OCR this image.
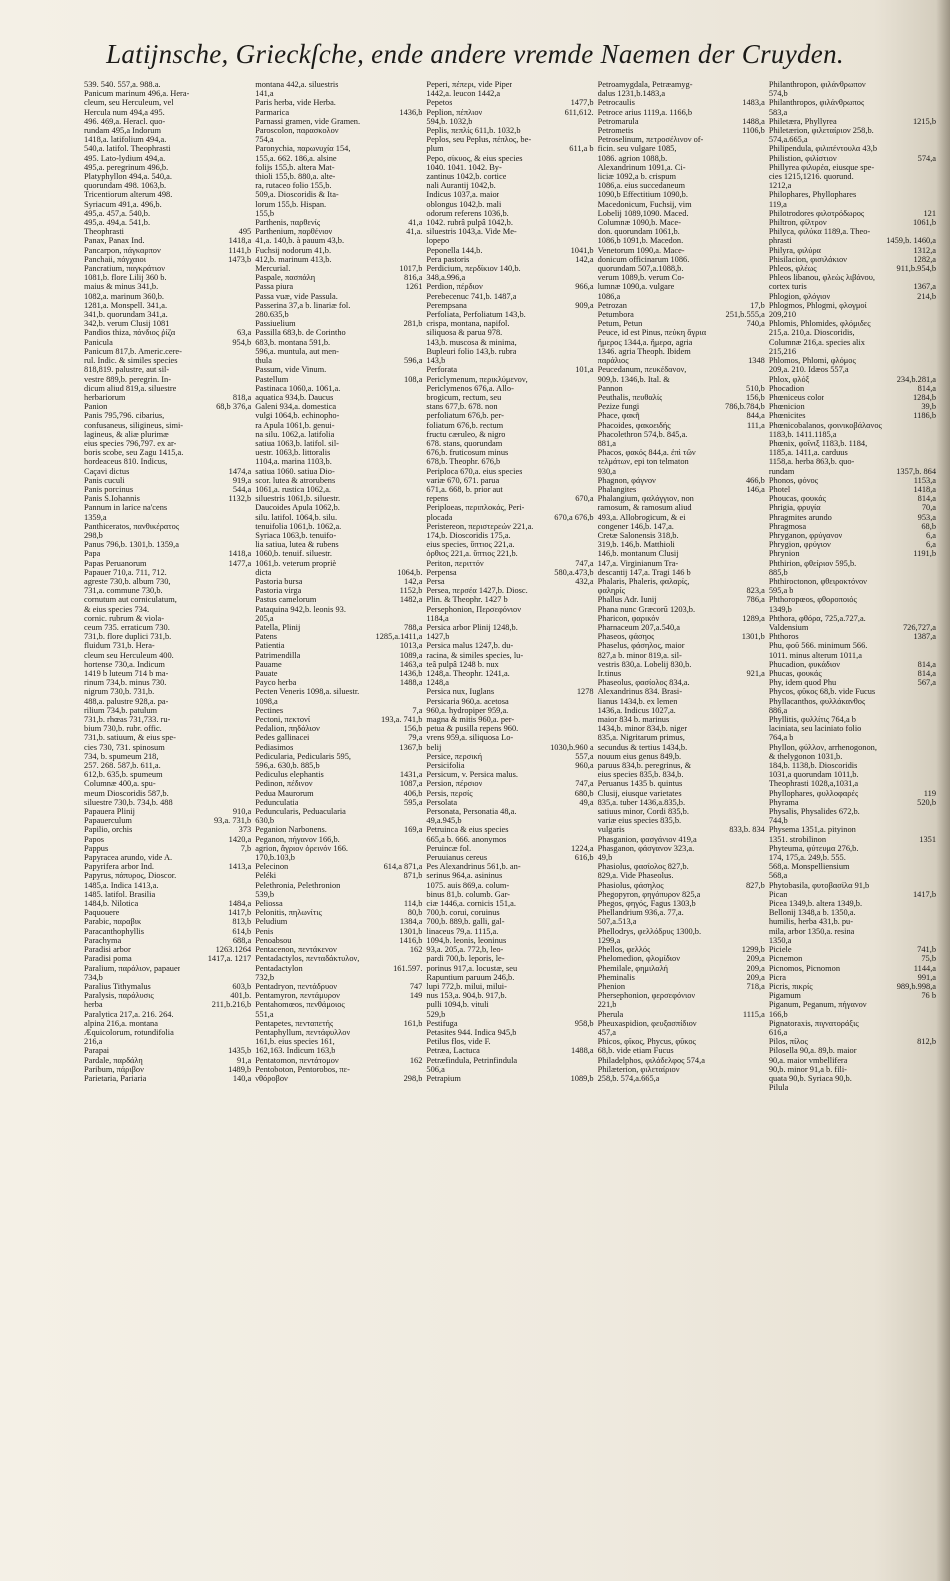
Latijnsche, Grieckſche, ende andere vremde Naemen der Cruyden.
539. 540. 557,a. 988.a.
Panicum marinum 496,a. Hera-
cleum, seu Herculeum, vel
Hercula num 494,a 495.
496. 469,a. Heracl. quo-
rundam 495,a Indorum
1418,a. latifolium 494,a.
540,a. latifol. Theophrasti
495. Lato-lydium 494,a.
495,a. peregrinum 496,b.
Platyphyllon 494,a. 540,a.
quorundam 498. 1063,b.
Tricentiorum alterum 498.
Syriacum 491,a. 496,b.
495,a. 457,a. 540,b.
495,a. 494,a. 541,b.
Theophrasti	495
Panax, Panax Ind.	1418,a
Pancarpon, πάγκαρπον	1141,b
Panchaii, πάγχαιοι	1473,b
Pancratium, παγκράτιον
1081,b. flore Lilij 360 b.
maius & minus 341,b.
1082,a. marinum 360,b.
1281,a. Monspell. 341,a.
341,b. quorundam 341,a.
342,b. verum Clusij 1081
Pandios thiza, πάνδιος ῥίζα	63,a
Panicula	954,b
Panicum 817,b. Americ.cere-
rul. Indic. & similes species
818,819. palustre, aut sil-
vestre 889,b. peregrin. In-
dicum aliud 819,a. siluestre
herbariorum	818,a
Panion	68,b 376,a
Panis 795,796. cibarius,
confusaneus, siligineus, simi-
lagineus, & aliæ plurimæ
eius species 796,797. ex ar-
boris scobe, seu Zagu 1415,a.
hordeaceus 810. Indicus,
Caçavi dictus	1474,a
Panis cuculi	919,a
Panis porcinus	544,a
Panis S.Iohannis	1132,b
Pannum in larice na'cens
1359,a
Panthiceratos, πανθικέρατος
298,b
Panus 796,b. 1301,b. 1359,a
Papa	1418,a
Papas Peruanorum	1477,a
Papauer 710,a. 711, 712.
agreste 730,b. album 730,
731,a. commune 730,b.
cornutum aut corniculatum,
& eius species 734.
cornic. rubrum & viola-
ceum 735. erraticum 730.
731,b. flore duplici 731,b.
fluidum 731,b. Hera-
cleum seu Herculeum 400.
hortense 730,a. Indicum
1419 b luteum 714 b ma-
rinum 734,b. minus 730.
nigrum 730,b. 731,b.
488,a. palustre 928,a. pa-
rilium 734,b. patulum
731,b. rhœas 731,733. ru-
bium 730,b. rubr. offic.
731,b. satiuum, & eius spe-
cies 730, 731. spinosum
734, b. spumeum 218,
257. 268. 587,b. 611,a.
612,b. 635,b. spumeum
Columnæ 400,a. spu-
meum Dioscoridis 587,b.
siluestre 730,b. 734,b. 488
Papauera Plinij	910,a
Papauerculum	93,a. 731,b
Papilio, orchis	373
Papos	1420,a
Pappus	7,b
Papyracea arundo, vide A.
Papyrifera arbor Ind.	1413,a
Papyrus, πάπυρος, Dioscor.
1485,a. Indica 1413,a.
1485. latifol. Brasilia
1484,b. Nilotica	1484,a
Paquouere	1417,b
Parabic, παραβικ	813,b
Paracanthophyllis	614,b
Parachyma	688,a
Paradisi arbor	1263.1264
Paradisi poma	1417,a. 1217
Paralium, παράλιον, papauer
734,b
Paralius Tithymalus	603,b
Paralysis, παράλυσις	401,b.
herba	211,b.216,b
Paralytica 217,a. 216. 264.
alpina 216,a. montana
Æquicolorum, rotundifolia
216,a
Parapai	1435,b
Pardale, παρδάλη	91,a
Paribum, πάριβον	1489,b
Parietaria, Pariaria	140,a
montana 442,a. siluestris
141,a
Paris herba, vide Herba.
Parmarica	1436,b
Parnassi gramen, vide Gramen.
Paroscolon, παρασκολον
754,a
Paronychia, παρωνυχία 154,
155,a. 662. 186,a. alsine
folijs 155,b. altera Mat-
thioli 155,b. 880,a. alte-
ra, rutaceo folio 155,b.
509,a. Dioscoridis & Ita-
lorum 155,b. Hispan.
155,b
Parthenis, παρθενίς	41,a
Parthenium, παρθένιον	41,a.
41,a. 140,b. à pauum 43,b.
Fuchsij nodorum 41,b.
412,b. marinum 413,b.
Mercurial.	1017,b
Paspale, πασπάλη	816,a
Passa piura	1261
Passa vuæ, vide Passula.
Passerina 37,a b. linariæ fol.
280.635,b
Passiuelium	281,b
Passilla 683,b. de Corintho
683,b. montana 591,b.
596,a. muntula, aut men-
thula	596,a
Passum, vide Vinum.
Pastellum	108,a
Pastinaca 1060,a. 1061,a.
aquatica 934,b. Daucus
Galeni 934,a. domestica
vulgi 1064,b. echinopho-
ra Apula 1061,b. genui-
na silu. 1062,a. latifolia
satiua 1063,b. latifol. sil-
uestr. 1063,b. littoralis
1104,a. marina 1103,b.
satiua 1060. satiua Dio-
scor. lutea & atrorubens
1061,a. rustica 1062,a.
siluestris 1061,b. siluestr.
Daucoides Apula 1062,b.
silu. latifol. 1064,b. silu.
tenuifolia 1061,b. 1062,a.
Syriaca 1063,b. tenuifo-
lia satiua, lutea & rubens
1060,b. tenuif. siluestr.
1061,b. veterum propriè
dicta	1064,b.
Pastoria bursa	142,a
Pastoria virga	1152,b
Pastus camelorum	1482,a
Pataquina 942,b. leonis 93.
205,a
Patella, Plinij	788,a
Patens	1285,a.1411,a
Patientia	1013,a
Patrimendilla	1089,a
Pauame	1463,a
Pauate	1436,b
Payco herba	1488,a
Pecten Veneris 1098,a. siluestr.
1098,a
Pectines	7,a
Pectoni, πεκτονί	193,a. 741,b
Pedalion, πηδάλιον	156,b
Pedes gallinacei	79,a
Pediasimos	1367,b
Pedicularia, Pedicularis 595,
596,a. 630,b. 885,b
Pediculus elephantis	1431,a
Pedinon, πέδινον	1087,a
Pedua Maurorum	406,b
Pedunculatia	595,a
Peduncularis, Peduacularia
630,b
Peganion Narbonens.	169,a
Peganon, πήγανον 166,b.
agrion, ἄγριον ὀρεινόν 166.
170,b.103,b
Pelecinon	614,a 871,a
Peléki	871,b
Pelethronia, Pelethronion
539,b
Peliossa	114,b
Pelonitis, πηλωνίτις	80,b
Peludium	1384,a
Penis	1301,b
Penoabsou	1416,b
Pentacenon, πεντάκενον	162
Pentadactylos, πενταδάκτυλον,
Pentadactylon	161.597.
732,b
Pentadryon, πεντάδρυον	747
Pentamyron, πεντάμυρον	149
Pentahomœos, πενθάμοιος
551,a
Pentapetes, πενταπετής	161,b
Pentaphyllum, πεντάφυλλον
161,b. eius species 161,
162,163. Indicum 163,b
Pentatomon, πεντάτομον	162
Pentoboton, Pentorobos, πε-
νθόροβον	298,b
Peperi, πέπερι, vide Piper
1442,a. leucon 1442,a
Pepetos	1477,b
Peplion, πέπλιον	611,612.
594,b. 1032,b
Peplis, πεπλίς 611,b. 1032,b
Peplos, seu Peplus, πέπλος, be-
plum	611,a b
Pepo, σίκυος, & eius species
1040. 1041. 1042. By-
zantinus 1042,b. cortice
nali Aurantij 1042,b.
Indicus 1037,a. maior
oblongus 1042,b. mali
odorum referens 1036,b.
1042. rubrâ pulpâ 1042,b.
siluestris 1043,a. Vide Me-
lopepo
Peponella 144,b.	1041,b
Pera pastoris	142,a
Perdicium, περδίκιον 140,b.
348,a.996,a
Perdion, πέρδιον	966,a
Perebecenuc 741,b. 1487,a
Perempsana	909,a
Perfoliata, Perfoliatum 143,b.
crispa, montana, napifol.
siliquosa & parua 978.
143,b. muscosa & minima,
Bupleuri folio 143,b. rubra
143,b
Perforata	101,a
Periclymenum, περικλύμενον,
Periclymenos 676,a. Allo-
brogicum, rectum, seu
stans 677,b. 678. non
perfoliatum 676,b. per-
foliatum 676,b. rectum
fructu cæruleo, & nigro
678. stans, quorundam
676,b. fruticosum minus
678,b. Theophr. 676,b
Periploca 670,a. eius species
variæ 670, 671. parua
671,a. 668, b. prior aut
repens	670,a
Periploeas, περιπλοκάς, Peri-
plocada	670,a 676,b
Peristereon, περιστερεών 221,a.
174,b. Dioscoridis 175,a.
eius species, ὕπτιος 221,a.
ὀρθιος 221,a. ὕπτιος 221,b.
Periton, περιττόν	747,a
Perpensa	580,a.473,b
Persa	432,a
Persea, περσέα 1427,b. Diosc.
Plin. & Theophr. 1427 b
Persephonion, Περσεφόνιον
1184,a
Persica arbor Plinij 1248,b.
1427,b
Persica malus 1247,b. du-
racina, & similes species, lu-
teâ pulpâ 1248 b. nux
1248,a. Theophr. 1241,a.
1248,a
Persica nux, Iuglans	1278
Persicaria 960,a. acetosa
960,a. hydropiper 959,a.
magna & mitis 960,a. per-
petua & pusilla repens 960.
vrens 959,a. siliquosa Lo-
belij	1030,b.960 a
Persice, περσική	557,a
Persicifolia	960,a
Persicum, v. Persica malus.
Persion, πέρσιον	747,a
Persis, περσίς	680,b
Persolata	49,a
Personata, Personatia 48,a.
49,a.945,b
Petruinca & eius species
665,a b. 666. anonymos
Peruincæ fol.	1224,a
Peruuianus cereus	616,b
Pes Alexandrinus 561,b. an-
serinus 964,a. asininus
1075. auis 869,a. colum-
binus 81,b. columb. Gar-
ciæ 1446,a. cornicis 151,a.
700,b. corui, coruinus
700,b. 889,b. galli, gal-
linaceus 79,a. 1115,a.
1094,b. leonis, leoninus
93,a. 205,a. 772,b, leo-
pardi 700,b. leporis, le-
porinus 917,a. locustæ, seu
Rapuntium paruum 246,b.
lupi 772,b. milui, milui-
nus 153,a. 904,b. 917,b.
pulli 1094,b. vituli
529,b
Pestifuga	958,b
Petasites 944. Indica 945,b
Petilus flos, vide F.
Petræa, Lactuca	1488,a
Petræfindula, Petrinfindula
506,a
Petrapium	1089,b
Petroamygdala, Petræamyg-
dalus 1231,b.1483,a
Petrocaulis	1483,a
Petroce arius 1119,a. 1166,b
Petromarula	1488,a
Petrometis	1106,b
Petroselinum, πετροσέλινον of-
ficin. seu vulgare 1085,
1086. agrion 1088,b.
Alexandrinum 1091,a. Ci-
liciæ 1092,a b. crispum
1086,a. eius succedaneum
1090,b Effectitium 1090,b.
Macedonicum, Fuchsij, vim
Lobelij 1089,1090. Maced.
Columnæ 1090,b. Mace-
don. quorundam 1061,b.
1086,b 1091,b. Macedon.
Venetorum 1090,a. Mace-
donicum officinarum 1086.
quorundam 507,a.1088,b.
verum 1089,b. verum Co-
lumnæ 1090,a. vulgare
1086,a
Petrozan	17,b
Petumbora	251,b.555,a
Petum, Petun	740,a
Peuce, id est Pinus, πεύκη ἄγρια
ἥμερος 1344,a. ἥμερα, agria
1346. agria Theoph. Ibidem
παράλιος	1348
Peucedanum, πευκέδανον,
909,b. 1346,b. Ital. &
Pannon	510,b
Peuthalis, πευθαλίς	156,b
Pezize fungi	786,b.784,b
Phace, φακῆ	844,a
Phacoides, φακοειδής	111,a
Phacolethron 574,b. 845,a.
881,a
Phacos, φακός 844,a. ἐπὶ τῶν
τελμάτων, epi ton telmaton
930,a
Phagnon, φάγνον	466,b
Phalangites	146,a
Phalangium, φαλάγγιον, non
ramosum, & ramosum aliud
493,a. Allobrogicum, & ei
congener 146,b. 147,a.
Cretæ Salonensis 318,b.
319,b. 146,b. Matthioli
146,b. montanum Clusij
147,a. Virginianum Tra-
descantij 147,a. Tragi 146 b
Phalaris, Phaleris, φαλαρίς,
φαληρίς	823,a
Phallus Adr. Iunij	786,a
Phana nunc Græcorū 1203,b.
Pharicon, φαρικόν	1289,a
Pharnaceum 207,a.540,a
Phaseos, φάσηος	1301,b
Phaselus, φάσηλος, maior
827,a b. minor 819,a. sil-
vestris 830,a. Lobelij 830,b.
Ir.tinus	921,a
Phaseolus, φασίολος 834,a.
Alexandrinus 834. Brasi-
lianus 1434,b. ex lemen
1436,a. Indicus 1027,a.
maior 834 b. marinus
1434,b. minor 834,b. niger
835,a. Nigritarum primus,
secundus & tertius 1434,b.
nouum eius genus 849,b.
paruus 834,b. peregrinus, &
eius species 835,b. 834,b.
Peruanus 1435 b. quintus
Clusij, eiusque varietates
835,a. tuber 1436,a.835,b.
satiuus minor, Cordi 835,b.
variæ eius species 835,b.
vulgaris	833,b. 834
Phasganion, φασγάνιον 419,a
Phasganon, φάσγανον 323,a.
49,b
Phasiolus, φασίολος 827,b.
829,a. Vide Phaseolus.
Phasiolus, φάσηλος	827,b
Phegopyron, φηγόπυρον 825,a
Phegos, φηγός, Fagus 1303,b
Phellandrium 936,a. 77,a.
507,a.513,a
Phellodrys, φελλόδρυς 1300,b.
1299,a
Phellos, φελλός	1299,b
Phelomedion, φλομίδιον	209,a
Phemilale, φημιλαλή	209,a
Pheminalis	209,a
Phenion	718,a
Phersephonion, φερσεφόνιον
221,b
Pherula	1115,a
Pheuxaspidion, φευξασπίδιον
457,a
Phicos, φῖκος, Phycus, φῦκος
68,b. vide etiam Fucus
Philadelphos, φιλάδελφος 574,a
Philæterion, φιλεταίριον
258,b. 574,a.665,a
Philanthropon, φιλάνθρωπον
574,b
Philanthropos, φιλάνθρωπος
583,a
Philetæra, Phyllyrea	1215,b
Philetærion, φιλεταίριον 258,b.
574,a.665,a
Philipendula, φιλιπέντουλα 43,b
Philistion, φιλίστιον	574,a
Phillyrea φιλυρέα, eiusque spe-
cies 1215,1216. quorund.
1212,a
Philophares, Phyllophares
119,a
Philotrodores φιλοτρόδωρος	121
Philtron, φίλτρον	1061,b
Philyca, φιλύκα 1189,a. Theo-
phrasti	1459,b. 1460,a
Philyra, φιλύρα	1312,a
Phisilacion, φισιλάκιον	1282,a
Phleos, φλέως	911,b.954,b
Phleos libanou, φλεὼς λιβάνου,
cortex turis	1367,a
Phlogion, φλόγιον	214,b
Phlogmos, Phlogmi, φλογμοί
209,210
Phlomis, Phlomides, φλόμιδες
215,a. 210,a. Dioscoridis,
Columnæ 216,a. species alix
215,216
Phlomos, Phlomi, φλόμος
209,a. 210. Idæos 557,a
Phlox, φλόξ	234,b.281,a
Phocadion	814,a
Phœniceus color	1284,b
Phœnicion	39,b
Phœnicites	1186,b
Phœnicobalanos, φοινικοβάλανος
1183,b. 1411.1185,a
Phœnix, φοῖνιξ 1183,b. 1184,
1185,a. 1411,a. carduus
1158,a. herba 863,b. quo-
rundam	1357,b. 864
Phonos, φόνος	1153,a
Photel	1418,a
Phoucas, φουκάς	814,a
Phrigia, φρυγία	70,a
Phragmites arundo	953,a
Phragmosa	68,b
Phryganon, φρύγανον	6,a
Phrygion, φρύγιον	6,a
Phrynion	1191,b
Phthirion, φθείριον 595,b.
885,b
Phthiroctonon, φθειροκτόνον
595,a b
Phthoropœos, φθοροποιός
1349,b
Phthora, φθόρα, 725,a.727,a.
Valdensium	726,727,a
Phthoros	1387,a
Phu, φοῦ 566. minimum 566.
1011. minus alterum 1011,a
Phucadion, φυκάδιον	814,a
Phucas, φουκάς	814,a
Phy, idem quod Phu	567,a
Phycos, φῦκος 68,b. vide Fucus
Phyllacanthos, φυλλάκανθος
886,a
Phyllitis, φυλλίτις 764,a b
laciniata, seu laciniato folio
764,a b
Phyllon, φύλλον, arrhenogonon,
& thelygonon 1031,b.
184,b. 1138,b. Dioscoridis
1031,a quorundam 1011,b.
Theophrasti 1028,a,1031,a
Phyllophares, φυλλοφαρές	119
Phyrama	520,b
Physalis, Physalides 672,b.
744,b
Physema 1351,a. pityinon
1351. strobilinon	1351
Phyteuma, φύτευμα 276,b.
174, 175,a. 249,b. 555.
568,a. Monspelliensium
568,a
Phytobasila, φυτοβασίλα 91,b
Pican	1417,b
Picea 1349,b. altera 1349,b.
Bellonij 1348,a b. 1350,a.
humilis, herba 431,b. pu-
mila, arbor 1350,a. resina
1350,a
Piciele	741,b
Picnemon	75,b
Picnomos, Picnomon	1144,a
Picra	991,a
Picris, πικρίς	989,b.998,a
Pigamum	76 b
Piganum, Peganum, πήγανον
166,b
Pignatoraxis, πιγνατοράξις
616,a
Pilos, πίλος	812,b
Pilosella 90,a. 89,b. maior
90,a. maior vmbellifera
90,b. minor 91,a b. fili-
quata 90,b. Syriaca 90,b.
Pilula
